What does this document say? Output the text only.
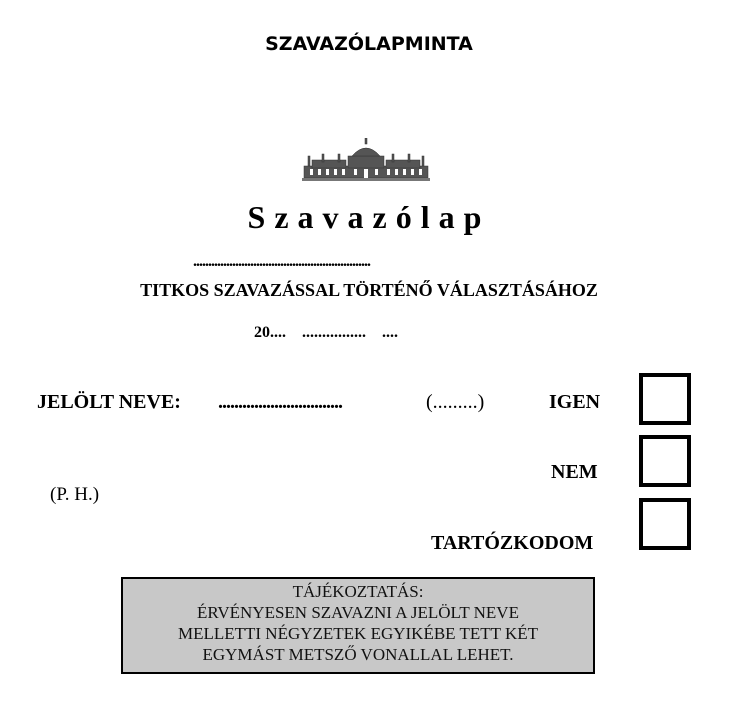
SZAVAZÓLAPMINTA
Szavazólap
...........................................................
TITKOS SZAVAZÁSSAL TÖRTÉNŐ VÁLASZTÁSÁHOZ
20.... ................ ....
JELÖLT NEVE: ...............................	(.........)	IGEN
NEM
TARTÓZKODOM
(P. H.)
TÁJÉKOZTATÁS:
ÉRVÉNYESEN SZAVAZNI A JELÖLT NEVE
MELLETTI NÉGYZETEK EGYIKÉBE TETT KÉT
EGYMÁST METSZŐ VONALLAL LEHET.
